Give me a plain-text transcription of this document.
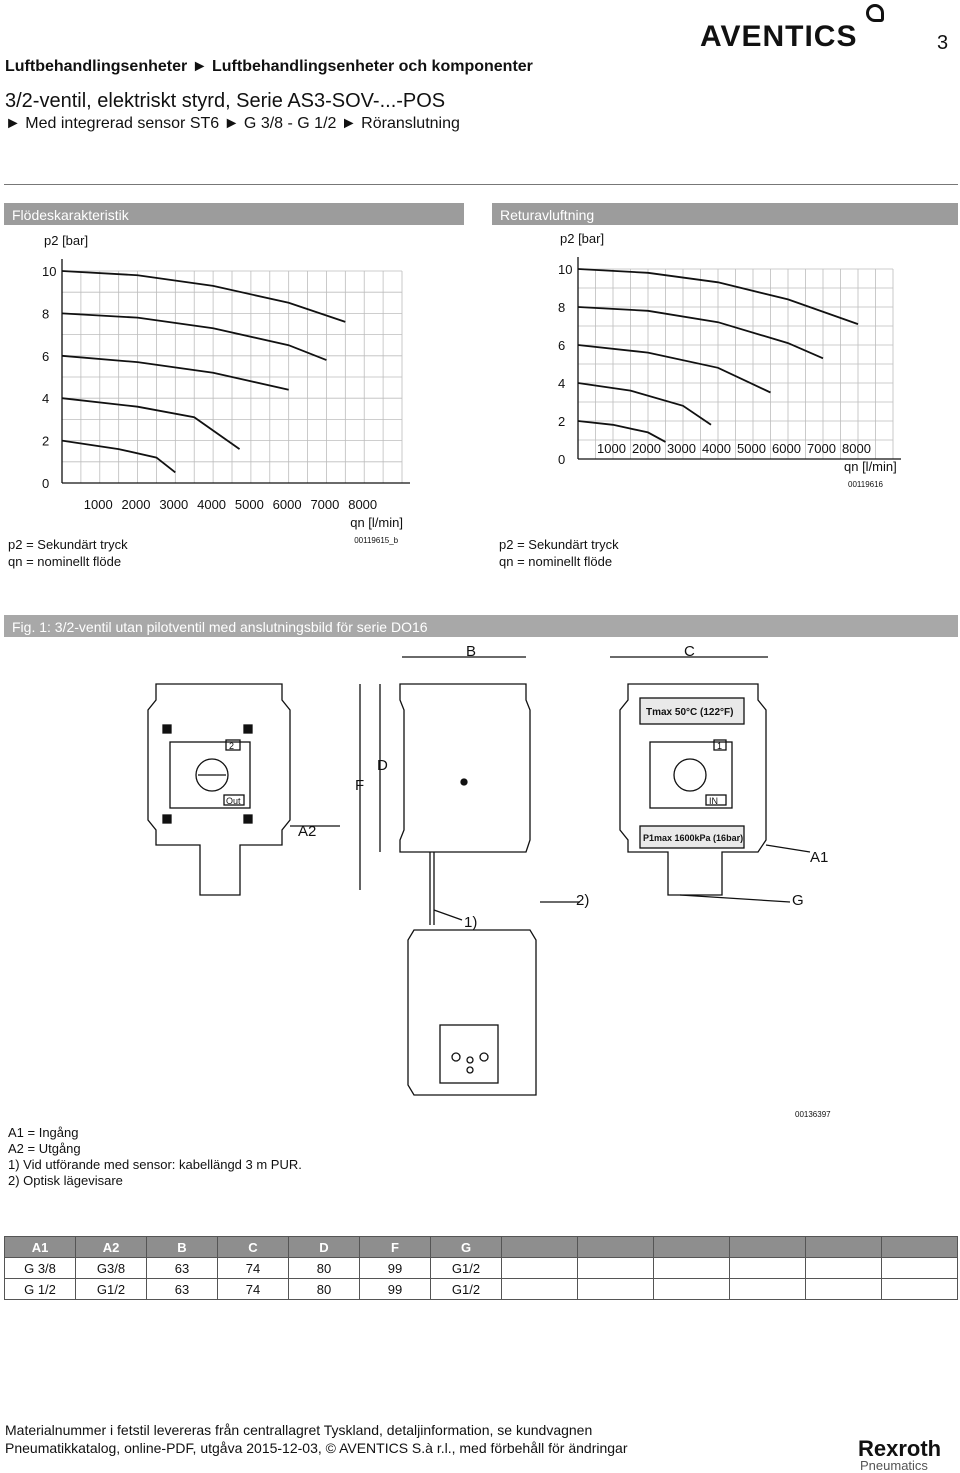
Luftbehandlingsenheter ► Luftbehandlingsenheter och komponenter
3/2-ventil, elektriskt styrd, Serie AS3-SOV-...-POS
► Med integrerad sensor ST6 ► G 3/8 - G 1/2 ► Röranslutning
AVENTICS	3
Flödeskarakteristik	Returavluftning
0
2
4
6
8
10
1000 2000 3000 4000 5000 6000 7000 8000
p2 [bar]
qn [l/min]
00119615_b
0
2
4
6
8
10
1000 2000 3000 4000 5000 6000 7000 8000
p2 [bar]
qn [l/min]
00119616
p2 = Sekundärt tryck
qn = nominellt flöde
p2 = Sekundärt tryck
qn = nominellt flöde
Fig. 1: 3/2-ventil utan pilotventil med anslutningsbild för serie DO16
2
Out
Tmax 50°C (122°F)
P1max 1600kPa (16bar)
1
IN
B	C
D
F
A2
A1
G
1)
2)
00136397
A1 = Ingång
A2 = Utgång
1) Vid utförande med sensor: kabellängd 3 m PUR.
2) Optisk lägevisare
A1	A2	B	C	D	F	G						
G 3/8	G3/8	63	74	80	99	G1/2						
G 1/2	G1/2	63	74	80	99	G1/2						
Materialnummer i fetstil levereras från centrallagret Tyskland, detaljinformation, se kundvagnen
Pneumatikkatalog, online-PDF, utgåva 2015-12-03, © AVENTICS S.à r.l., med förbehåll för ändringar	Rexroth
Pneumatics
